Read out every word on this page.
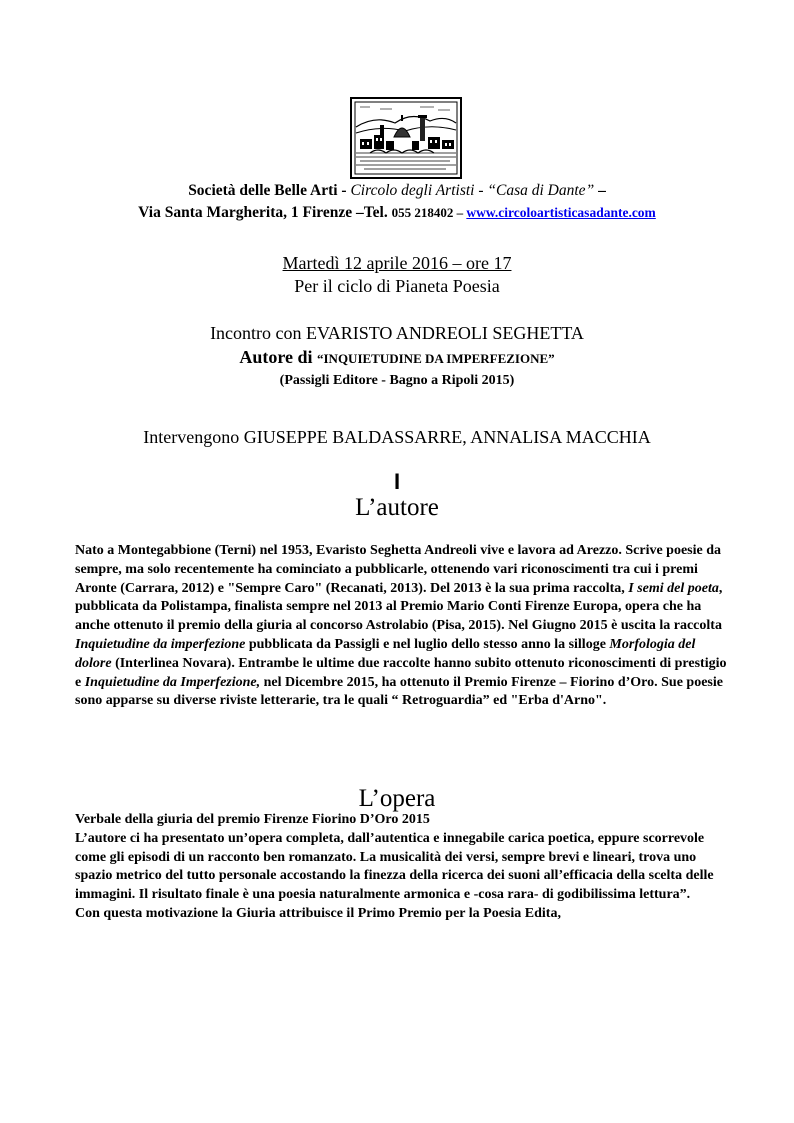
Società delle Belle Arti - Circolo degli Artisti - “Casa di Dante” –
Via Santa Margherita, 1 Firenze –Tel. 055 218402 – www.circoloartisticasadante.com
Martedì 12 aprile 2016 – ore 17
Per il ciclo di Pianeta Poesia
Incontro con EVARISTO ANDREOLI SEGHETTA
Autore di “INQUIETUDINE DA IMPERFEZIONE”
(Passigli Editore - Bagno a Ripoli 2015)
Intervengono GIUSEPPE BALDASSARRE, ANNALISA MACCHIA
I
L’autore
Nato a Montegabbione (Terni) nel 1953, Evaristo Seghetta Andreoli vive e lavora ad Arezzo. Scrive poesie da sempre, ma solo recentemente ha cominciato a pubblicarle, ottenendo vari riconoscimenti tra cui i premi Aronte (Carrara, 2012) e "Sempre Caro" (Recanati, 2013). Del 2013 è la sua prima raccolta, I semi del poeta, pubblicata da Polistampa, finalista sempre nel 2013 al Premio Mario Conti Firenze Europa, opera che ha anche ottenuto il premio della giuria al concorso Astrolabio (Pisa, 2015). Nel Giugno 2015 è uscita la raccolta Inquietudine da imperfezione pubblicata da Passigli e nel luglio dello stesso anno la silloge Morfologia del dolore (Interlinea Novara). Entrambe le ultime due raccolte hanno subito ottenuto riconoscimenti di prestigio e Inquietudine da Imperfezione, nel Dicembre 2015, ha ottenuto il Premio Firenze – Fiorino d’Oro. Sue poesie sono apparse su diverse riviste letterarie, tra le quali “ Retroguardia” ed "Erba d'Arno".
L’opera

Verbale della giuria del premio Firenze Fiorino D’Oro 2015

L’autore ci ha presentato un’opera completa, dall’autentica e innegabile carica poetica, eppure scorrevole come gli episodi di un racconto ben romanzato. La musicalità dei versi, sempre brevi e lineari, trova uno spazio metrico del tutto personale accostando la finezza della ricerca dei suoni all’efficacia della scelta delle immagini. Il risultato finale è una poesia naturalmente armonica e -cosa rara- di godibilissima lettura”.

Con questa motivazione la Giuria attribuisce il Primo Premio per la Poesia Edita,
